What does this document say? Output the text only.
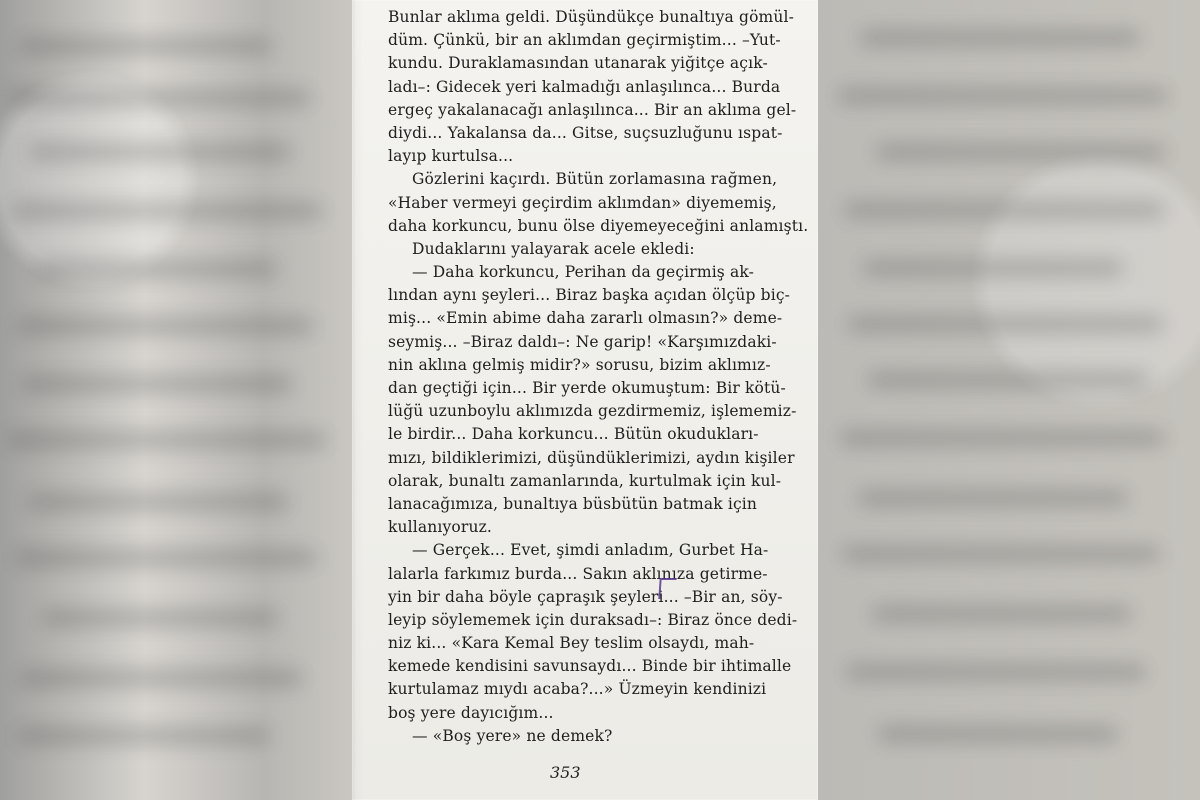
Bunlar aklıma geldi. Düşündükçe bunaltıya gömül-
düm. Çünkü, bir an aklımdan geçirmiştim... –Yut-
kundu. Duraklamasından utanarak yiğitçe açık-
ladı–: Gidecek yeri kalmadığı anlaşılınca... Burda
ergeç yakalanacağı anlaşılınca... Bir an aklıma gel-
diydi... Yakalansa da... Gitse, suçsuzluğunu ıspat-
layıp kurtulsa...
Gözlerini kaçırdı. Bütün zorlamasına rağmen,
«Haber vermeyi geçirdim aklımdan» diyememiş,
daha korkuncu, bunu ölse diyemeyeceğini anlamıştı.
Dudaklarını yalayarak acele ekledi:
— Daha korkuncu, Perihan da geçirmiş ak-
lından aynı şeyleri... Biraz başka açıdan ölçüp biç-
miş... «Emin abime daha zararlı olmasın?» deme-
seymiş... –Biraz daldı–: Ne garip! «Karşımızdaki-
nin aklına gelmiş midir?» sorusu, bizim aklımız-
dan geçtiği için... Bir yerde okumuştum: Bir kötü-
lüğü uzunboylu aklımızda gezdirmemiz, işlememiz-
le birdir... Daha korkuncu... Bütün okudukları-
mızı, bildiklerimizi, düşündüklerimizi, aydın kişiler
olarak, bunaltı zamanlarında, kurtulmak için kul-
lanacağımıza, bunaltıya büsbütün batmak için
kullanıyoruz.
— Gerçek... Evet, şimdi anladım, Gurbet Ha-
lalarla farkımız burda... Sakın aklınıza getirme-
yin bir daha böyle çapraşık şeyleri... –Bir an, söy-
leyip söylememek için duraksadı–: Biraz önce dedi-
niz ki... «Kara Kemal Bey teslim olsaydı, mah-
kemede kendisini savunsaydı... Binde bir ihtimalle
kurtulamaz mıydı acaba?...» Üzmeyin kendinizi
boş yere dayıcığım...
— «Boş yere» ne demek?
353
